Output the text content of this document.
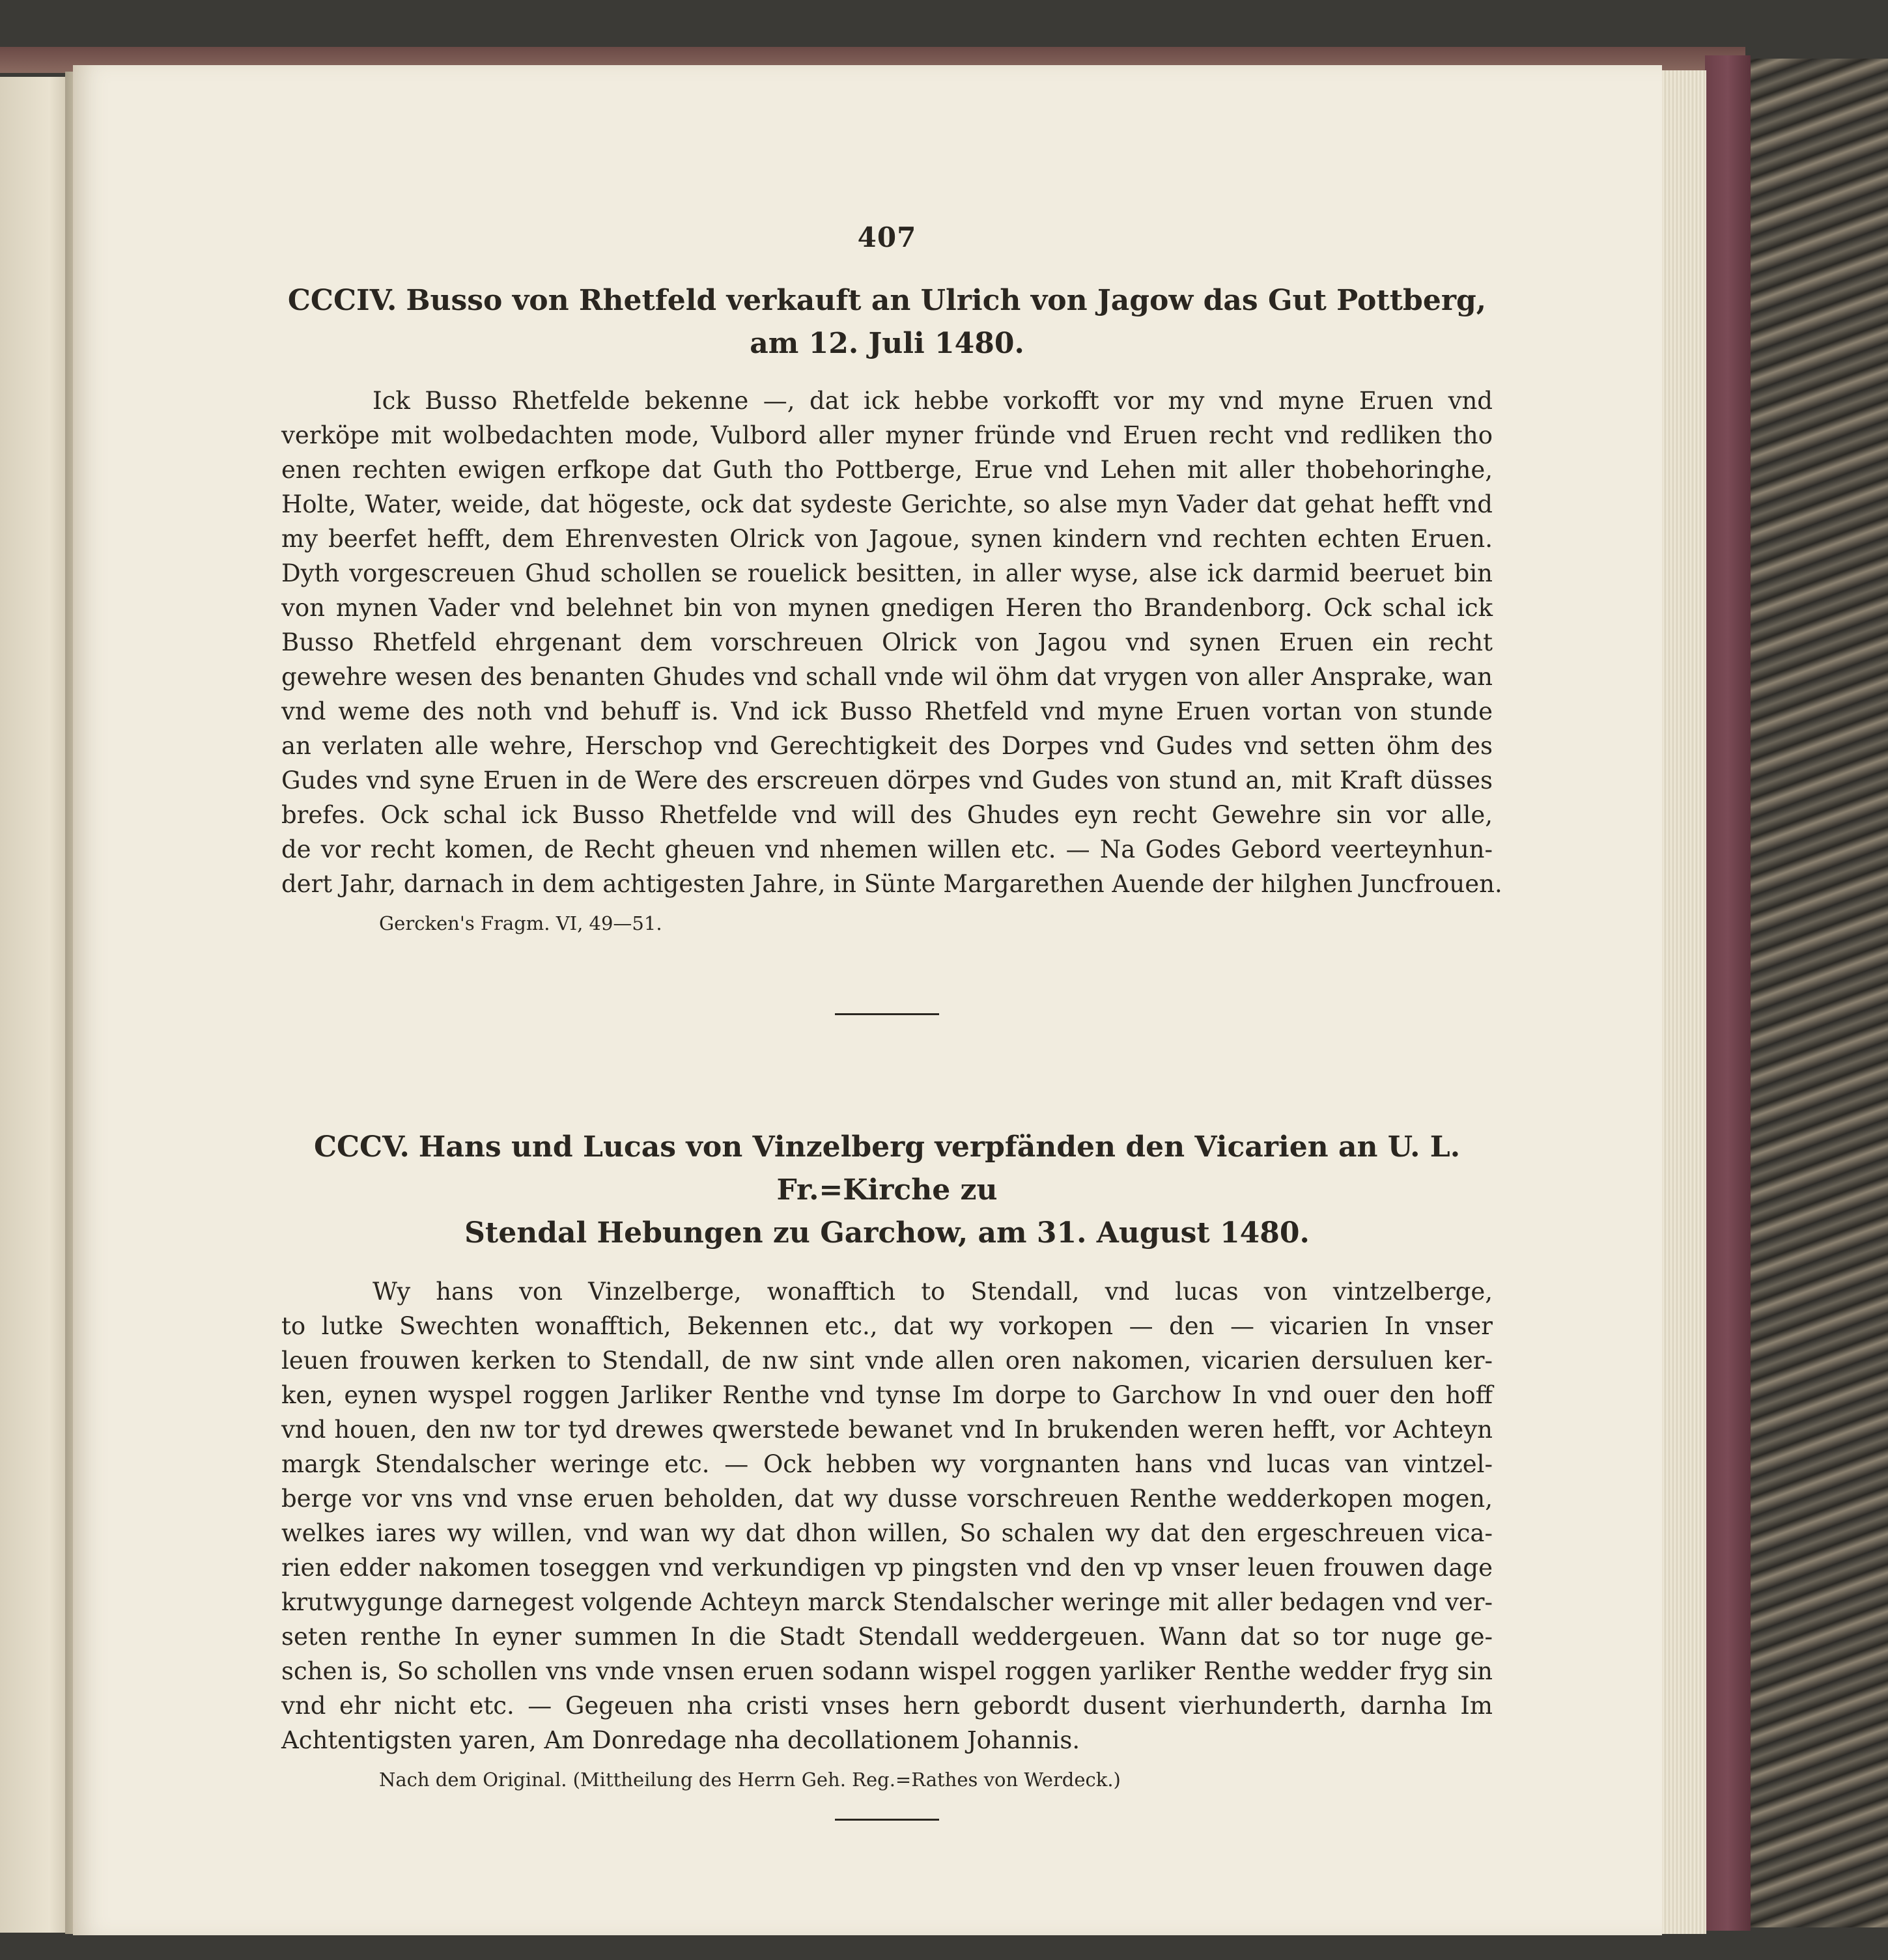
407
CCCIV. Busso von Rhetfeld verkauft an Ulrich von Jagow das Gut Pottberg,
am 12. Juli 1480.
Ick Busso Rhetfelde bekenne —, dat ick hebbe vorkofft vor my vnd myne Eruen vnd
verköpe mit wolbedachten mode, Vulbord aller myner fründe vnd Eruen recht vnd redliken tho
enen rechten ewigen erfkope dat Guth tho Pottberge, Erue vnd Lehen mit aller thobehoringhe,
Holte, Water, weide, dat högeste, ock dat sydeste Gerichte, so alse myn Vader dat gehat hefft vnd
my beerfet hefft, dem Ehrenvesten Olrick von Jagoue, synen kindern vnd rechten echten Eruen.
Dyth vorgescreuen Ghud schollen se rouelick besitten, in aller wyse, alse ick darmid beeruet bin
von mynen Vader vnd belehnet bin von mynen gnedigen Heren tho Brandenborg. Ock schal ick
Busso Rhetfeld ehrgenant dem vorschreuen Olrick von Jagou vnd synen Eruen ein recht
gewehre wesen des benanten Ghudes vnd schall vnde wil öhm dat vrygen von aller Ansprake, wan
vnd weme des noth vnd behuff is. Vnd ick Busso Rhetfeld vnd myne Eruen vortan von stunde
an verlaten alle wehre, Herschop vnd Gerechtigkeit des Dorpes vnd Gudes vnd setten öhm des
Gudes vnd syne Eruen in de Were des erscreuen dörpes vnd Gudes von stund an, mit Kraft düsses
brefes. Ock schal ick Busso Rhetfelde vnd will des Ghudes eyn recht Gewehre sin vor alle,
de vor recht komen, de Recht gheuen vnd nhemen willen etc. — Na Godes Gebord veerteynhun-
dert Jahr, darnach in dem achtigesten Jahre, in Sünte Margarethen Auende der hilghen Juncfrouen.
Gercken's Fragm. VI, 49—51.
CCCV. Hans und Lucas von Vinzelberg verpfänden den Vicarien an U. L. Fr.=Kirche zu
Stendal Hebungen zu Garchow, am 31. August 1480.
Wy hans von Vinzelberge, wonafftich to Stendall, vnd lucas von vintzelberge,
to lutke Swechten wonafftich, Bekennen etc., dat wy vorkopen — den — vicarien In vnser
leuen frouwen kerken to Stendall, de nw sint vnde allen oren nakomen, vicarien dersuluen ker-
ken, eynen wyspel roggen Jarliker Renthe vnd tynse Im dorpe to Garchow In vnd ouer den hoff
vnd houen, den nw tor tyd drewes qwerstede bewanet vnd In brukenden weren hefft, vor Achteyn
margk Stendalscher weringe etc. — Ock hebben wy vorgnanten hans vnd lucas van vintzel-
berge vor vns vnd vnse eruen beholden, dat wy dusse vorschreuen Renthe wedderkopen mogen,
welkes iares wy willen, vnd wan wy dat dhon willen, So schalen wy dat den ergeschreuen vica-
rien edder nakomen toseggen vnd verkundigen vp pingsten vnd den vp vnser leuen frouwen dage
krutwygunge darnegest volgende Achteyn marck Stendalscher weringe mit aller bedagen vnd ver-
seten renthe In eyner summen In die Stadt Stendall weddergeuen. Wann dat so tor nuge ge-
schen is, So schollen vns vnde vnsen eruen sodann wispel roggen yarliker Renthe wedder fryg sin
vnd ehr nicht etc. — Gegeuen nha cristi vnses hern gebordt dusent vierhunderth, darnha Im
Achtentigsten yaren, Am Donredage nha decollationem Johannis.
Nach dem Original. (Mittheilung des Herrn Geh. Reg.=Rathes von Werdeck.)
